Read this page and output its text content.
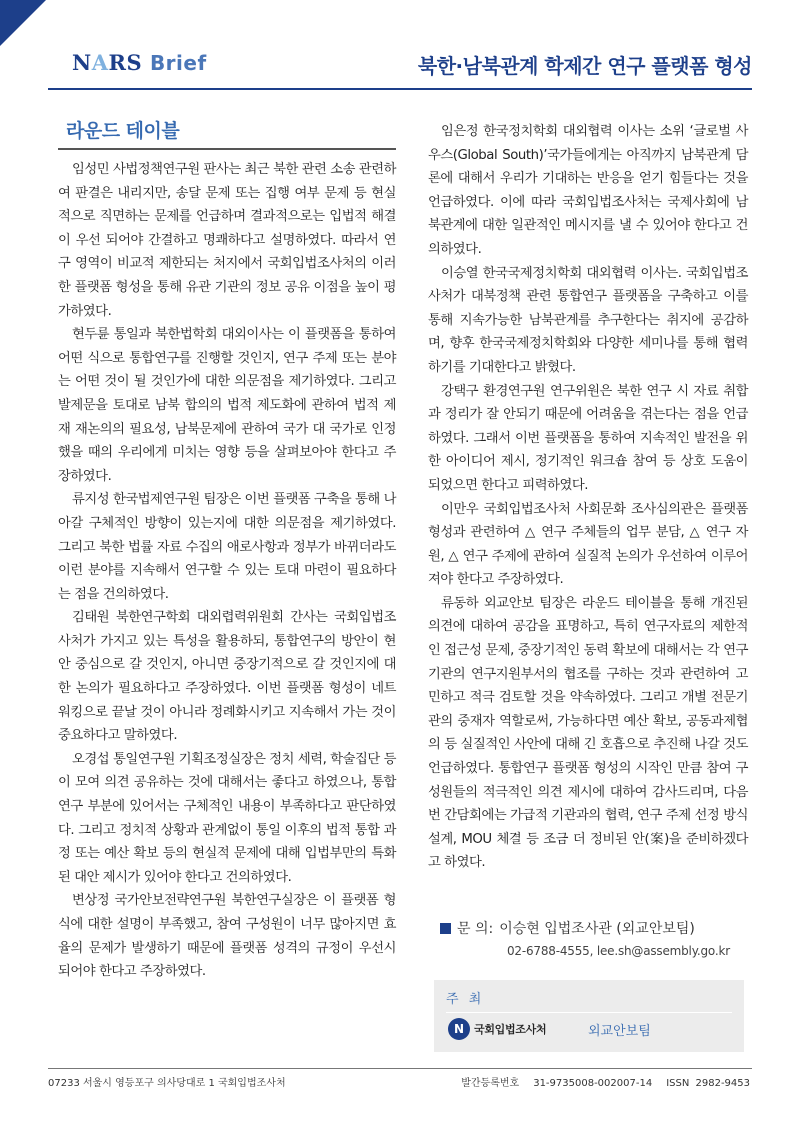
NARS Brief	북한·남북관계 학제간 연구 플랫폼 형성
라운드 테이블

임성민 사법정책연구원 판사는 최근 북한 관련 소송 관련하여 판결은 내리지만, 송달 문제 또는 집행 여부 문제 등 현실적으로 직면하는 문제를 언급하며 결과적으로는 입법적 해결이 우선 되어야 간결하고 명쾌하다고 설명하였다. 따라서 연구 영역이 비교적 제한되는 처지에서 국회입법조사처의 이러한 플랫폼 형성을 통해 유관 기관의 정보 공유 이점을 높이 평가하였다.

현두륜 통일과 북한법학회 대외이사는 이 플랫폼을 통하여 어떤 식으로 통합연구를 진행할 것인지, 연구 주제 또는 분야는 어떤 것이 될 것인가에 대한 의문점을 제기하였다. 그리고 발제문을 토대로 남북 합의의 법적 제도화에 관하여 법적 제재 재논의의 필요성, 남북문제에 관하여 국가 대 국가로 인정했을 때의 우리에게 미치는 영향 등을 살펴보아야 한다고 주장하였다.

류지성 한국법제연구원 팀장은 이번 플랫폼 구축을 통해 나아갈 구체적인 방향이 있는지에 대한 의문점을 제기하였다. 그리고 북한 법률 자료 수집의 애로사항과 정부가 바뀌더라도 이런 분야를 지속해서 연구할 수 있는 토대 마련이 필요하다는 점을 건의하였다.

김태원 북한연구학회 대외렵력위원회 간사는 국회입법조사처가 가지고 있는 특성을 활용하되, 통합연구의 방안이 현안 중심으로 갈 것인지, 아니면 중장기적으로 갈 것인지에 대한 논의가 필요하다고 주장하였다. 이번 플랫폼 형성이 네트워킹으로 끝날 것이 아니라 정례화시키고 지속해서 가는 것이 중요하다고 말하였다.

오경섭 통일연구원 기획조정실장은 정치 세력, 학술집단 등이 모여 의견 공유하는 것에 대해서는 좋다고 하였으나, 통합연구 부분에 있어서는 구체적인 내용이 부족하다고 판단하였다. 그리고 정치적 상황과 관계없이 통일 이후의 법적 통합 과정 또는 예산 확보 등의 현실적 문제에 대해 입법부만의 특화된 대안 제시가 있어야 한다고 건의하였다.

변상정 국가안보전략연구원 북한연구실장은 이 플랫폼 형식에 대한 설명이 부족했고, 참여 구성원이 너무 많아지면 효율의 문제가 발생하기 때문에 플랫폼 성격의 규정이 우선시 되어야 한다고 주장하였다.

임은정 한국정치학회 대외협력 이사는 소위 ‘글로벌 사우스(Global South)’국가들에게는 아직까지 남북관계 담론에 대해서 우리가 기대하는 반응을 얻기 힘들다는 것을 언급하였다. 이에 따라 국회입법조사처는 국제사회에 남북관계에 대한 일관적인 메시지를 낼 수 있어야 한다고 건의하였다.

이승열 한국국제정치학회 대외협력 이사는. 국회입법조사처가 대북정책 관련 통합연구 플랫폼을 구축하고 이를 통해 지속가능한 남북관계를 추구한다는 취지에 공감하며, 향후 한국국제정치학회와 다양한 세미나를 통해 협력하기를 기대한다고 밝혔다.

강택구 환경연구원 연구위원은 북한 연구 시 자료 취합과 정리가 잘 안되기 때문에 어려움을 겪는다는 점을 언급하였다. 그래서 이번 플랫폼을 통하여 지속적인 발전을 위한 아이디어 제시, 정기적인 워크숍 참여 등 상호 도움이 되었으면 한다고 피력하였다.

이만우 국회입법조사처 사회문화 조사심의관은 플랫폼 형성과 관련하여 △ 연구 주체들의 업무 분담, △ 연구 자원, △ 연구 주제에 관하여 실질적 논의가 우선하여 이루어져야 한다고 주장하였다.

류동하 외교안보 팀장은 라운드 테이블을 통해 개진된 의견에 대하여 공감을 표명하고, 특히 연구자료의 제한적인 접근성 문제, 중장기적인 동력 확보에 대해서는 각 연구기관의 연구지원부서의 협조를 구하는 것과 관련하여 고민하고 적극 검토할 것을 약속하였다. 그리고 개별 전문기관의 중재자 역할로써, 가능하다면 예산 확보, 공동과제협의 등 실질적인 사안에 대해 긴 호흡으로 추진해 나갈 것도 언급하였다. 통합연구 플랫폼 형성의 시작인 만큼 참여 구성원들의 적극적인 의견 제시에 대하여 감사드리며, 다음번 간담회에는 가급적 기관과의 협력, 연구 주제 선정 방식설계, MOU 체결 등 조금 더 정비된 안(案)을 준비하겠다고 하였다.

문 의: 이승현 입법조사관 (외교안보팀)
02-6788-4555, lee.sh@assembly.go.kr
주 최
N 국회입법조사처	외교안보팀
07233 서울시 영등포구 의사당대로 1 국회입법조사처	발간등록번호 31-9735008-002007-14 ISSN 2982-9453
